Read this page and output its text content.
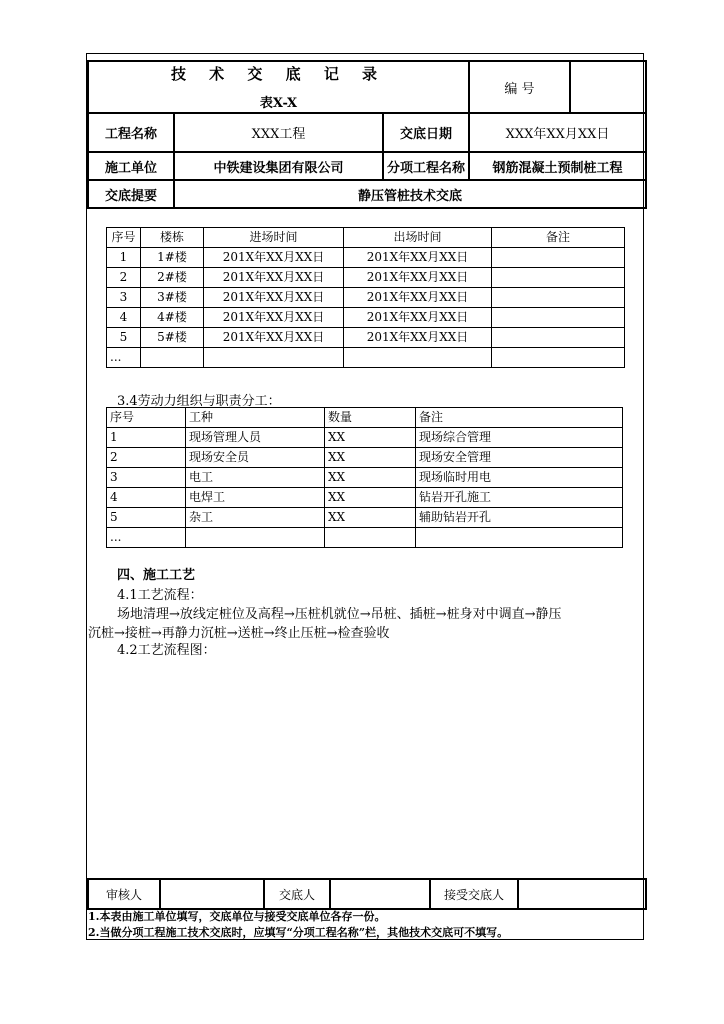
技 术 交 底 记 录
表X-X			编 号	
工程名称	XXX工程	交底日期	XXX年XX月XX日	
施工单位	中铁建设集团有限公司	分项工程名称	钢筋混凝土预制桩工程	
交底提要	静压管桩技术交底			
序号	楼栋	进场时间	出场时间	备注
1	1#楼	201X年XX月XX日	201X年XX月XX日	
2	2#楼	201X年XX月XX日	201X年XX月XX日	
3	3#楼	201X年XX月XX日	201X年XX月XX日	
4	4#楼	201X年XX月XX日	201X年XX月XX日	
5	5#楼	201X年XX月XX日	201X年XX月XX日	
...				
3.4劳动力组织与职责分工：
序号	工种	数量	备注
1	现场管理人员	XX	现场综合管理
2	现场安全员	XX	现场安全管理
3	电工	XX	现场临时用电
4	电焊工	XX	钻岩开孔施工
5	杂工	XX	辅助钻岩开孔
...			
四、施工工艺
4.1工艺流程：
场地清理→放线定桩位及高程→压桩机就位→吊桩、插桩→桩身对中调直→静压
沉桩→接桩→再静力沉桩→送桩→终止压桩→检查验收
4.2工艺流程图：
审核人		交底人		接受交底人	
1.本表由施工单位填写，交底单位与接受交底单位各存一份。
2.当做分项工程施工技术交底时，应填写“分项工程名称”栏，其他技术交底可不填写。
